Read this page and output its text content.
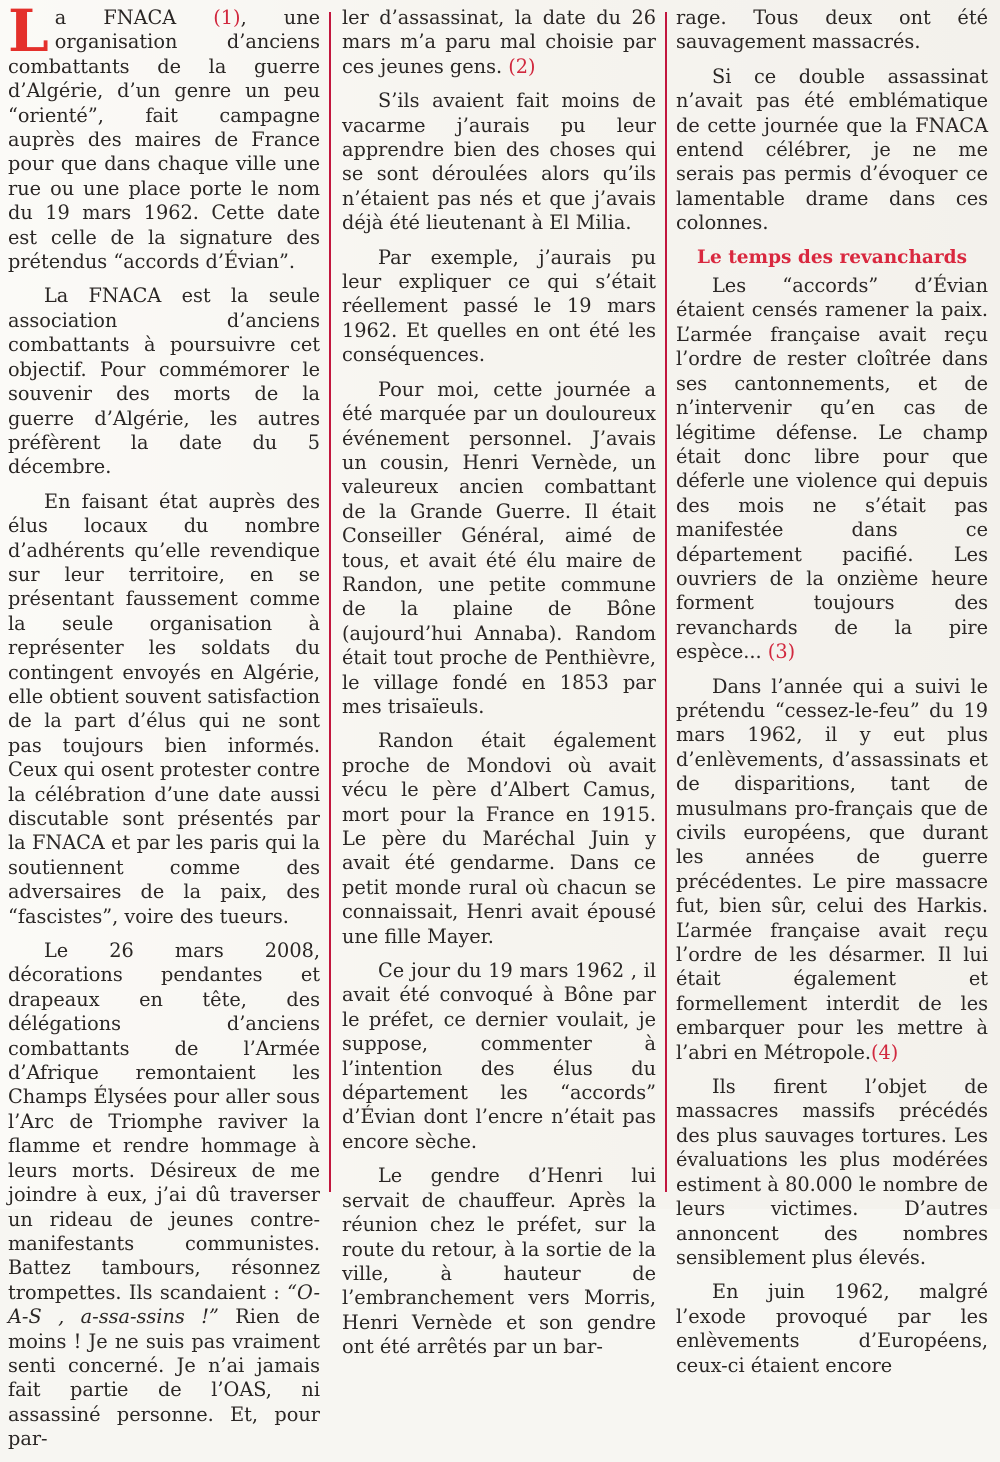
La FNACA (1), une organisation d’anciens combattants de la guerre d’Algérie, d’un genre un peu “orienté”, fait campagne auprès des maires de France pour que dans chaque ville une rue ou une place porte le nom du 19 mars 1962. Cette date est celle de la signature des prétendus “accords d’Évian”.

La FNACA est la seule association d’anciens combattants à poursuivre cet objectif. Pour commémorer le souvenir des morts de la guerre d’Algérie, les autres préfèrent la date du 5 décembre.

En faisant état auprès des élus locaux du nombre d’adhérents qu’elle revendique sur leur territoire, en se présentant faussement comme la seule organisation à représenter les soldats du contingent envoyés en Algérie, elle obtient souvent satisfaction de la part d’élus qui ne sont pas toujours bien informés. Ceux qui osent protester contre la célébration d’une date aussi discutable sont présentés par la FNACA et par les paris qui la soutiennent comme des adversaires de la paix, des “fascistes”, voire des tueurs.

Le 26 mars 2008, décorations pendantes et drapeaux en tête, des délégations d’anciens combattants de l’Armée d’Afrique remontaient les Champs Élysées pour aller sous l’Arc de Triomphe raviver la flamme et rendre hommage à leurs morts. Désireux de me joindre à eux, j’ai dû traverser un rideau de jeunes contre-manifestants communistes. Battez tambours, résonnez trompettes. Ils scandaient : “O-A-S , a-ssa-ssins !” Rien de moins ! Je ne suis pas vraiment senti concerné. Je n’ai jamais fait partie de l’OAS, ni assassiné personne. Et, pour par-

ler d’assassinat, la date du 26 mars m’a paru mal choisie par ces jeunes gens. (2)

S’ils avaient fait moins de vacarme j’aurais pu leur apprendre bien des choses qui se sont déroulées alors qu’ils n’étaient pas nés et que j’avais déjà été lieutenant à El Milia.

Par exemple, j’aurais pu leur expliquer ce qui s’était réellement passé le 19 mars 1962. Et quelles en ont été les conséquences.

Pour moi, cette journée a été marquée par un douloureux événement personnel. J’avais un cousin, Henri Vernède, un valeureux ancien combattant de la Grande Guerre. Il était Conseiller Général, aimé de tous, et avait été élu maire de Randon, une petite commune de la plaine de Bône (aujourd’hui Annaba). Random était tout proche de Penthièvre, le village fondé en 1853 par mes trisaïeuls.

Randon était également proche de Mondovi où avait vécu le père d’Albert Camus, mort pour la France en 1915. Le père du Maréchal Juin y avait été gendarme. Dans ce petit monde rural où chacun se connaissait, Henri avait épousé une fille Mayer.

Ce jour du 19 mars 1962 , il avait été convoqué à Bône par le préfet, ce dernier voulait, je suppose, commenter à l’intention des élus du département les “accords” d’Évian dont l’encre n’était pas encore sèche.

Le gendre d’Henri lui servait de chauffeur. Après la réunion chez le préfet, sur la route du retour, à la sortie de la ville, à hauteur de l’embranchement vers Morris, Henri Vernède et son gendre ont été arrêtés par un bar-

rage. Tous deux ont été sauvagement massacrés.

Si ce double assassinat n’avait pas été emblématique de cette journée que la FNACA entend célébrer, je ne me serais pas permis d’évoquer ce lamentable drame dans ces colonnes.

Le temps des revanchards

Les “accords” d’Évian étaient censés ramener la paix. L’armée française avait reçu l’ordre de rester cloîtrée dans ses cantonnements, et de n’intervenir qu’en cas de légitime défense. Le champ était donc libre pour que déferle une violence qui depuis des mois ne s’était pas manifestée dans ce département pacifié. Les ouvriers de la onzième heure forment toujours des revanchards de la pire espèce... (3)

Dans l’année qui a suivi le prétendu “cessez-le-feu” du 19 mars 1962, il y eut plus d’enlèvements, d’assassinats et de disparitions, tant de musulmans pro-français que de civils européens, que durant les années de guerre précédentes. Le pire massacre fut, bien sûr, celui des Harkis. L’armée française avait reçu l’ordre de les désarmer. Il lui était également et formellement interdit de les embarquer pour les mettre à l’abri en Métropole.(4)

Ils firent l’objet de massacres massifs précédés des plus sauvages tortures. Les évaluations les plus modérées estiment à 80.000 le nombre de leurs victimes. D’autres annoncent des nombres sensiblement plus élevés.

En juin 1962, malgré l’exode provoqué par les enlèvements d’Européens, ceux-ci étaient encore
